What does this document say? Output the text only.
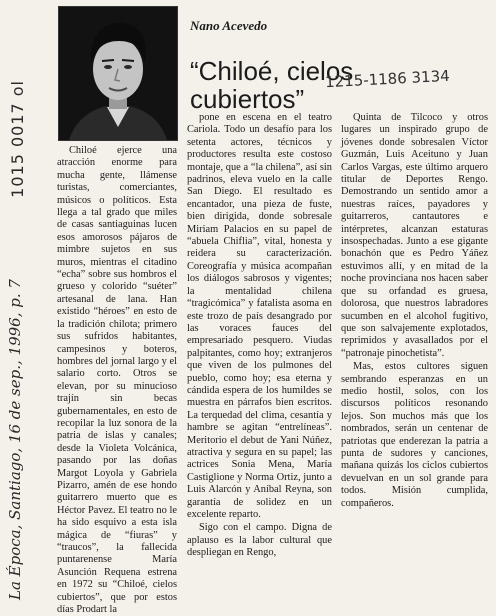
1015 0017 ol
La Época, Santiago, 16 de sep., 1996, p. 7
Nano Acevedo
“Chiloé, cielos cubiertos”
1215-1186 3134

Chiloé ejerce una atracción enorme para mucha gente, llámense turistas, comerciantes, músicos o políticos. Esta llega a tal grado que miles de casas santiaguinas lucen esos amorosos pájaros de mimbre sujetos en sus muros, mientras el citadino “echa” sobre sus hombros el grueso y colorido “suéter” artesanal de lana. Han existido “héroes” en esto de la tradición chilota; primero sus sufridos habitantes, campesinos y boteros, hombres del jornal largo y el salario corto. Otros se elevan, por su minucioso trajín sin becas gubernamentales, en esto de recopilar la luz sonora de la patria de islas y canales; desde la Violeta Volcánica, pasando por las doñas Margot Loyola y Gabriela Pizarro, amén de ese hondo guitarrero muerto que es Héctor Pavez. El teatro no le ha sido esquivo a esta isla mágica de “fiuras” y “traucos”, la fallecida puntarenense María Asunción Requena estrena en 1972 su “Chiloé, cielos cubiertos”, que por estos días Prodart la

pone en escena en el teatro Cariola. Todo un desafío para los setenta actores, técnicos y productores resulta este costoso montaje, que a “la chilena”, así sin padrinos, eleva vuelo en la calle San Diego. El resultado es encantador, una pieza de fuste, bien dirigida, donde sobresale Miriam Palacios en su papel de “abuela Chiflia”, vital, honesta y reidera su caracterización. Coreografía y música acompañan los diálogos sabrosos y vigentes; la mentalidad chilena “tragicómica” y fatalista asoma en este trozo de país desangrado por las voraces fauces del empresariado pesquero. Viudas palpitantes, como hoy; extranjeros que viven de los pulmones del pueblo, como hoy; esa eterna y cándida espera de los humildes se muestra en párrafos bien escritos. La terquedad del clima, cesantía y hambre se agitan “entrelíneas”. Meritorio el debut de Yani Núñez, atractiva y segura en su papel; las actrices Sonia Mena, María Castiglione y Norma Ortiz, junto a Luis Alarcón y Aníbal Reyna, son garantía de solidez en un excelente reparto.

Sigo con el campo. Digna de aplauso es la labor cultural que despliegan en Rengo,

Quinta de Tilcoco y otros lugares un inspirado grupo de jóvenes donde sobresalen Víctor Guzmán, Luis Aceituno y Juan Carlos Vargas, este último arquero titular de Deportes Rengo. Demostrando un sentido amor a nuestras raíces, payadores y guitarreros, cantautores e intérpretes, alcanzan estaturas insospechadas. Junto a ese gigante bonachón que es Pedro Yáñez estuvimos allí, y en mitad de la noche provinciana nos hacen saber que su orfandad es gruesa, dolorosa, que nuestros labradores sucumben en el alcohol fugitivo, que son salvajemente explotados, reprimidos y avasallados por el “patronaje pinochetista”.

Mas, estos cultores siguen sembrando esperanzas en un medio hostil, solos, con los discursos políticos resonando lejos. Son muchos más que los nombrados, serán un centenar de patriotas que enderezan la patria a punta de sudores y canciones, mañana quizás los ciclos cubiertos devuelvan en un sol grande para todos. Misión cumplida, compañeros.
